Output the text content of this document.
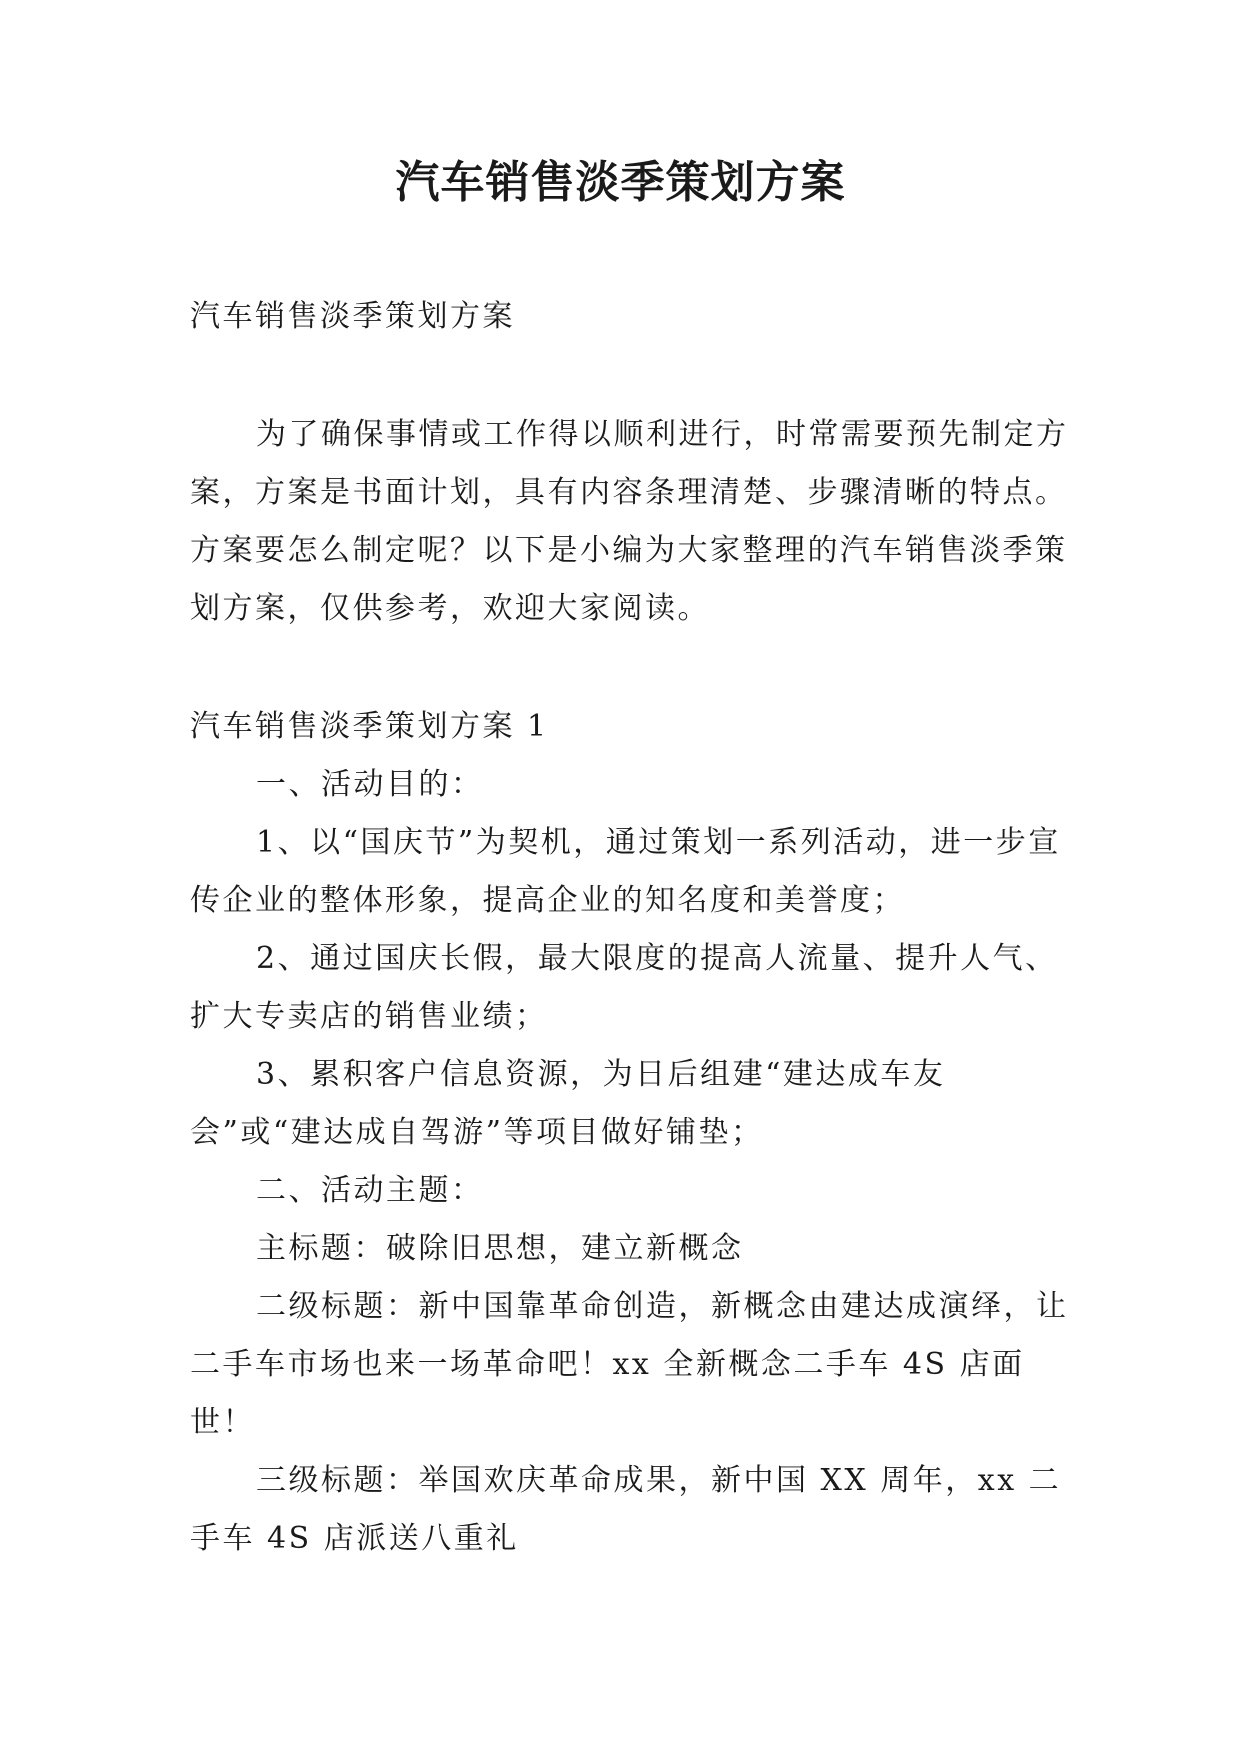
汽车销售淡季策划方案

汽车销售淡季策划方案

为了确保事情或工作得以顺利进行，时常需要预先制定方案，方案是书面计划，具有内容条理清楚、步骤清晰的特点。方案要怎么制定呢？以下是小编为大家整理的汽车销售淡季策划方案，仅供参考，欢迎大家阅读。

汽车销售淡季策划方案 1

一、活动目的：

1、以“国庆节”为契机，通过策划一系列活动，进一步宣传企业的整体形象，提高企业的知名度和美誉度；

2、通过国庆长假，最大限度的提高人流量、提升人气、扩大专卖店的销售业绩；

3、累积客户信息资源，为日后组建“建达成车友会”或“建达成自驾游”等项目做好铺垫；

二、活动主题：

主标题：破除旧思想，建立新概念

二级标题：新中国靠革命创造，新概念由建达成演绎，让二手车市场也来一场革命吧！xx 全新概念二手车 4S 店面世！

三级标题：举国欢庆革命成果，新中国 XX 周年，xx 二手车 4S 店派送八重礼
